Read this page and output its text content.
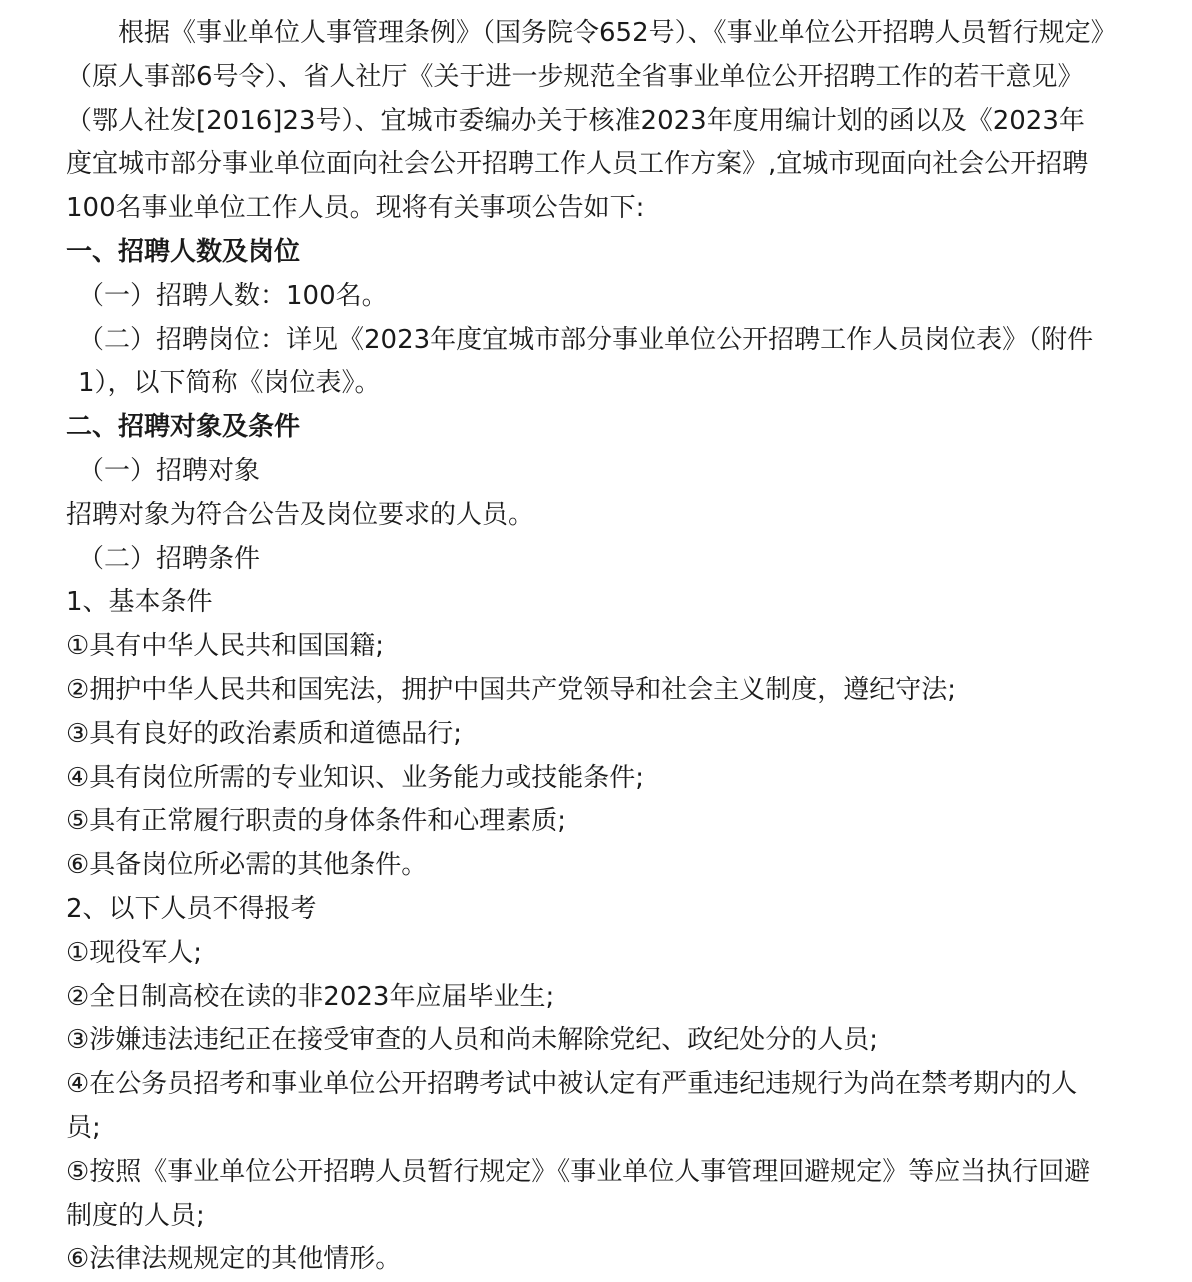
根据《事业单位人事管理条例》（国务院令652号）、《事业单位公开招聘人员暂行规定》（原人事部6号令）、省人社厅《关于进一步规范全省事业单位公开招聘工作的若干意见》（鄂人社发[2016]23号）、宜城市委编办关于核准2023年度用编计划的函以及《2023年度宜城市部分事业单位面向社会公开招聘工作人员工作方案》,宜城市现面向社会公开招聘 100名事业单位工作人员。现将有关事项公告如下:

一、招聘人数及岗位

（一）招聘人数：100名。

（二）招聘岗位：详见《2023年度宜城市部分事业单位公开招聘工作人员岗位表》（附件1），以下简称《岗位表》。

二、招聘对象及条件

（一）招聘对象

招聘对象为符合公告及岗位要求的人员。

（二）招聘条件

1、基本条件

①具有中华人民共和国国籍;

②拥护中华人民共和国宪法，拥护中国共产党领导和社会主义制度，遵纪守法;

③具有良好的政治素质和道德品行;

④具有岗位所需的专业知识、业务能力或技能条件;

⑤具有正常履行职责的身体条件和心理素质;

⑥具备岗位所必需的其他条件。

2、以下人员不得报考

①现役军人;

②全日制高校在读的非2023年应届毕业生;

③涉嫌违法违纪正在接受审查的人员和尚未解除党纪、政纪处分的人员;

④在公务员招考和事业单位公开招聘考试中被认定有严重违纪违规行为尚在禁考期内的人员;

⑤按照《事业单位公开招聘人员暂行规定》《事业单位人事管理回避规定》等应当执行回避制度的人员;

⑥法律法规规定的其他情形。
